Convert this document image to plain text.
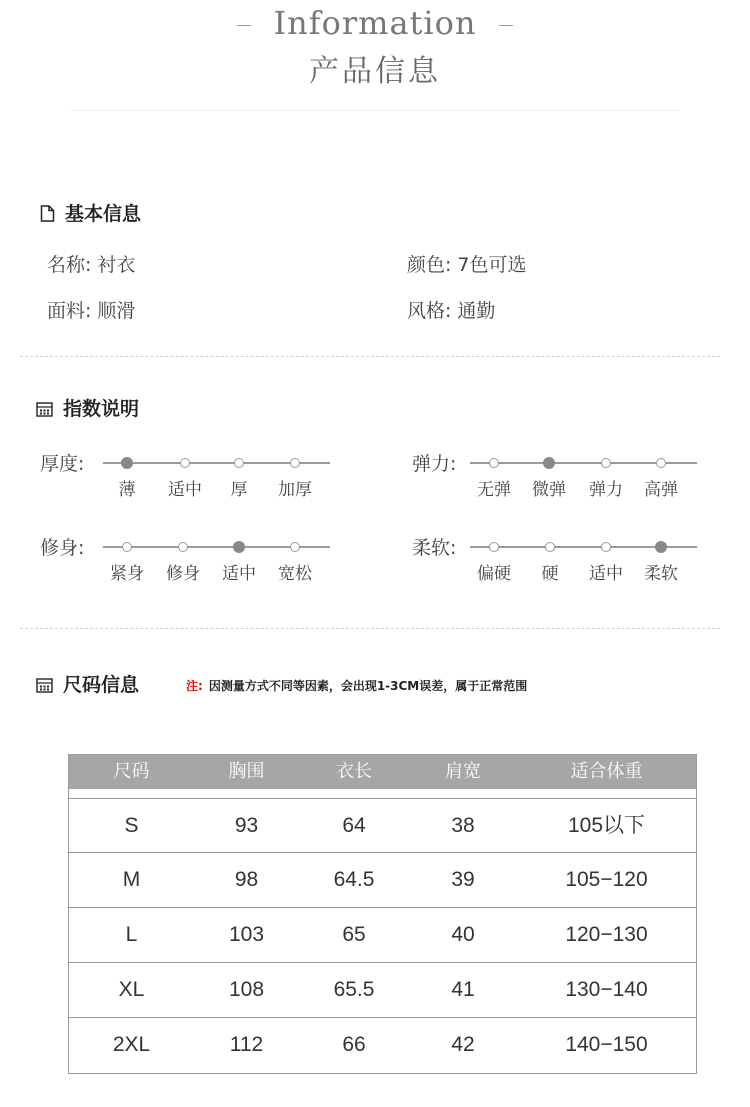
Information
产品信息
基本信息
名称: 衬衣	颜色: 7色可选
面料: 顺滑	风格: 通勤
指数说明
厚度:
薄	适中	厚	加厚
弹力:
无弹	微弹	弹力	高弹
修身:
紧身	修身	适中	宽松
柔软:
偏硬	硬	适中	柔软
尺码信息	注: 因测量方式不同等因素，会出现1-3CM误差，属于正常范围
尺码	胸围	衣长	肩宽	适合体重
S	93	64	38	105以下
M	98	64.5	39	105−120
L	103	65	40	120−130
XL	108	65.5	41	130−140
2XL	112	66	42	140−150
